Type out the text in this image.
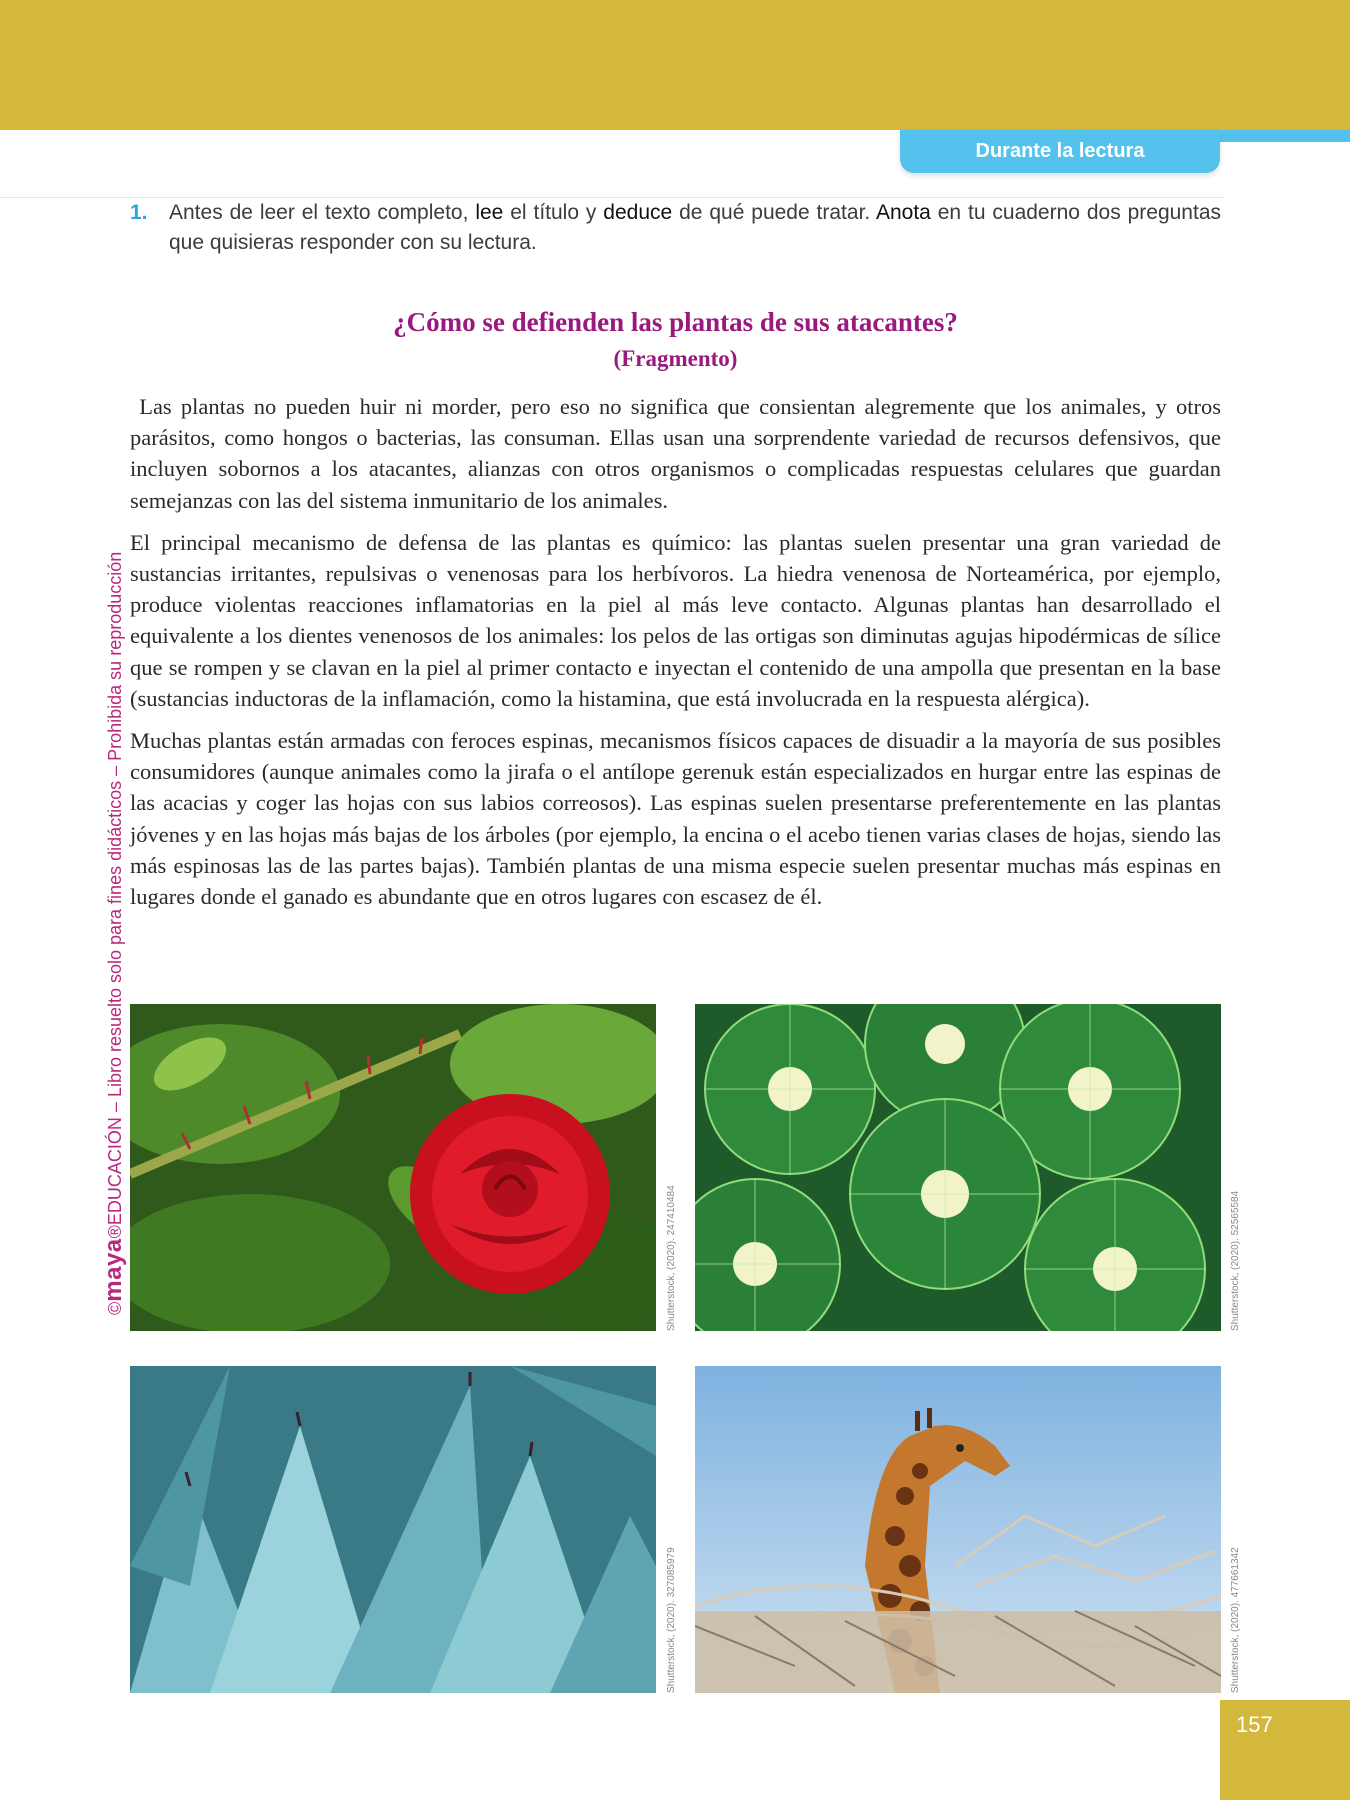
Durante la lectura
1. Antes de leer el texto completo, lee el título y deduce de qué puede tratar. Anota en tu cuaderno dos preguntas que quisieras responder con su lectura.
¿Cómo se defienden las plantas de sus atacantes?
(Fragmento)

Las plantas no pueden huir ni morder, pero eso no significa que consientan alegremente que los animales, y otros parásitos, como hongos o bacterias, las consuman. Ellas usan una sorprendente variedad de recursos defensivos, que incluyen sobornos a los atacantes, alianzas con otros organismos o complicadas respuestas celulares que guardan semejanzas con las del sistema inmunitario de los animales.

El principal mecanismo de defensa de las plantas es químico: las plantas suelen presentar una gran variedad de sustancias irritantes, repulsivas o venenosas para los herbívoros. La hiedra venenosa de Norteamérica, por ejemplo, produce violentas reacciones inflamatorias en la piel al más leve contacto. Algunas plantas han desarrollado el equivalente a los dientes venenosos de los animales: los pelos de las ortigas son diminutas agujas hipodérmicas de sílice que se rompen y se clavan en la piel al primer contacto e inyectan el contenido de una ampolla que presentan en la base (sustancias inductoras de la inflamación, como la histamina, que está involucrada en la respuesta alérgica).

Muchas plantas están armadas con feroces espinas, mecanismos físicos capaces de disuadir a la mayoría de sus posibles consumidores (aunque animales como la jirafa o el antílope gerenuk están especializados en hurgar entre las espinas de las acacias y coger las hojas con sus labios correosos). Las espinas suelen presentarse preferentemente en las plantas jóvenes y en las hojas más bajas de los árboles (por ejemplo, la encina o el acebo tienen varias clases de hojas, siendo las más espinosas las de las partes bajas). También plantas de una misma especie suelen presentar muchas más espinas en lugares donde el ganado es abundante que en otros lugares con escasez de él.

©maya®EDUCACIÓN – Libro resuelto solo para fines didácticos – Prohibida su reproducción
Shutterstock, (2020). 247410484	Shutterstock, (2020). 52565584
Shutterstock, (2020). 327085979	Shutterstock, (2020). 477661342
157
